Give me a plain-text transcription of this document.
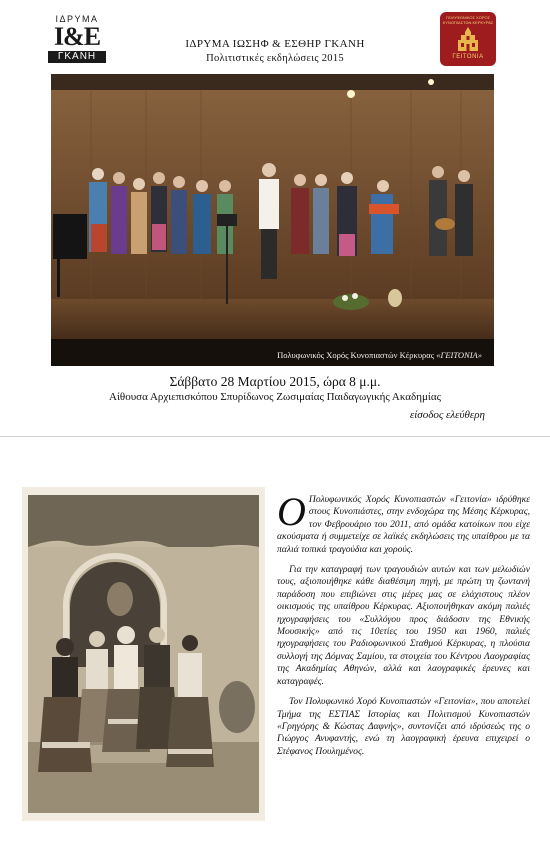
ΙΔΡΥΜΑ
Ι&Ε
ΓΚΑΝΗ
ΙΔΡΥΜΑ ΙΩΣΗΦ & ΕΣΘΗΡ ΓΚΑΝΗ
Πολιτιστικές εκδηλώσεις 2015
ΠΟΛΥΦΩΝΙΚΟΣ ΧΟΡΟΣ ΚΥΝΟΠΙΑΣΤΩΝ ΚΕΡΚΥΡΑΣ
ΓΕΙΤΟΝΙΑ
Πολυφωνικός Χορός Κυνοπιαστών Κέρκυρας «ΓΕΙΤΟΝΙΑ»
Σάββατο 28 Μαρτίου 2015, ώρα 8 μ.μ.
Αίθουσα Αρχιεπισκόπου Σπυρίδωνος Ζωσιμαίας Παιδαγωγικής Ακαδημίας
είσοδος ελεύθερη

Ο Πολυφωνικός Χορός Κυνοπιαστών «Γειτονία» ιδρύθηκε στους Κυνοπιάστες, στην ενδοχώρα της Μέσης Κέρκυρας, τον Φεβρουάριο του 2011, από ομάδα κατοίκων που είχε ακούσματα ή συμμετείχε σε λαϊκές εκδηλώσεις της υπαίθρου με τα παλιά τοπικά τραγούδια και χορούς.

Για την καταγραφή των τραγουδιών αυτών και των μελωδιών τους, αξιοποιήθηκε κάθε διαθέσιμη πηγή, με πρώτη τη ζωντανή παράδοση που επιβιώνει στις μέρες μας σε ελάχιστους πλέον οικισμούς της υπαίθρου Κέρκυρας. Αξιοποιήθηκαν ακόμη παλιές ηχογραφήσεις του «Συλλόγου προς διάδοσιν της Εθνικής Μουσικής» από τις 10ετίες του 1950 και 1960, παλιές ηχογραφήσεις του Ραδιοφωνικού Σταθμού Κέρκυρας, η πλούσια συλλογή της Δόμνας Σαμίου, τα στοιχεία του Κέντρου Λαογραφίας της Ακαδημίας Αθηνών, αλλά και λαογραφικές έρευνες και καταγραφές.

Τον Πολυφωνικό Χορό Κυνοπιαστών «Γειτονία», που αποτελεί Τμήμα της ΕΣΤΙΑΣ Ιστορίας και Πολιτισμού Κυνοπιαστών «Γρηγόρης & Κώστας Δαφνής», συντονίζει από ιδρύσεώς της ο Γιώργος Ανυφαντής, ενώ τη λαογραφική έρευνα επιχειρεί ο Στέφανος Πουλημένος.
